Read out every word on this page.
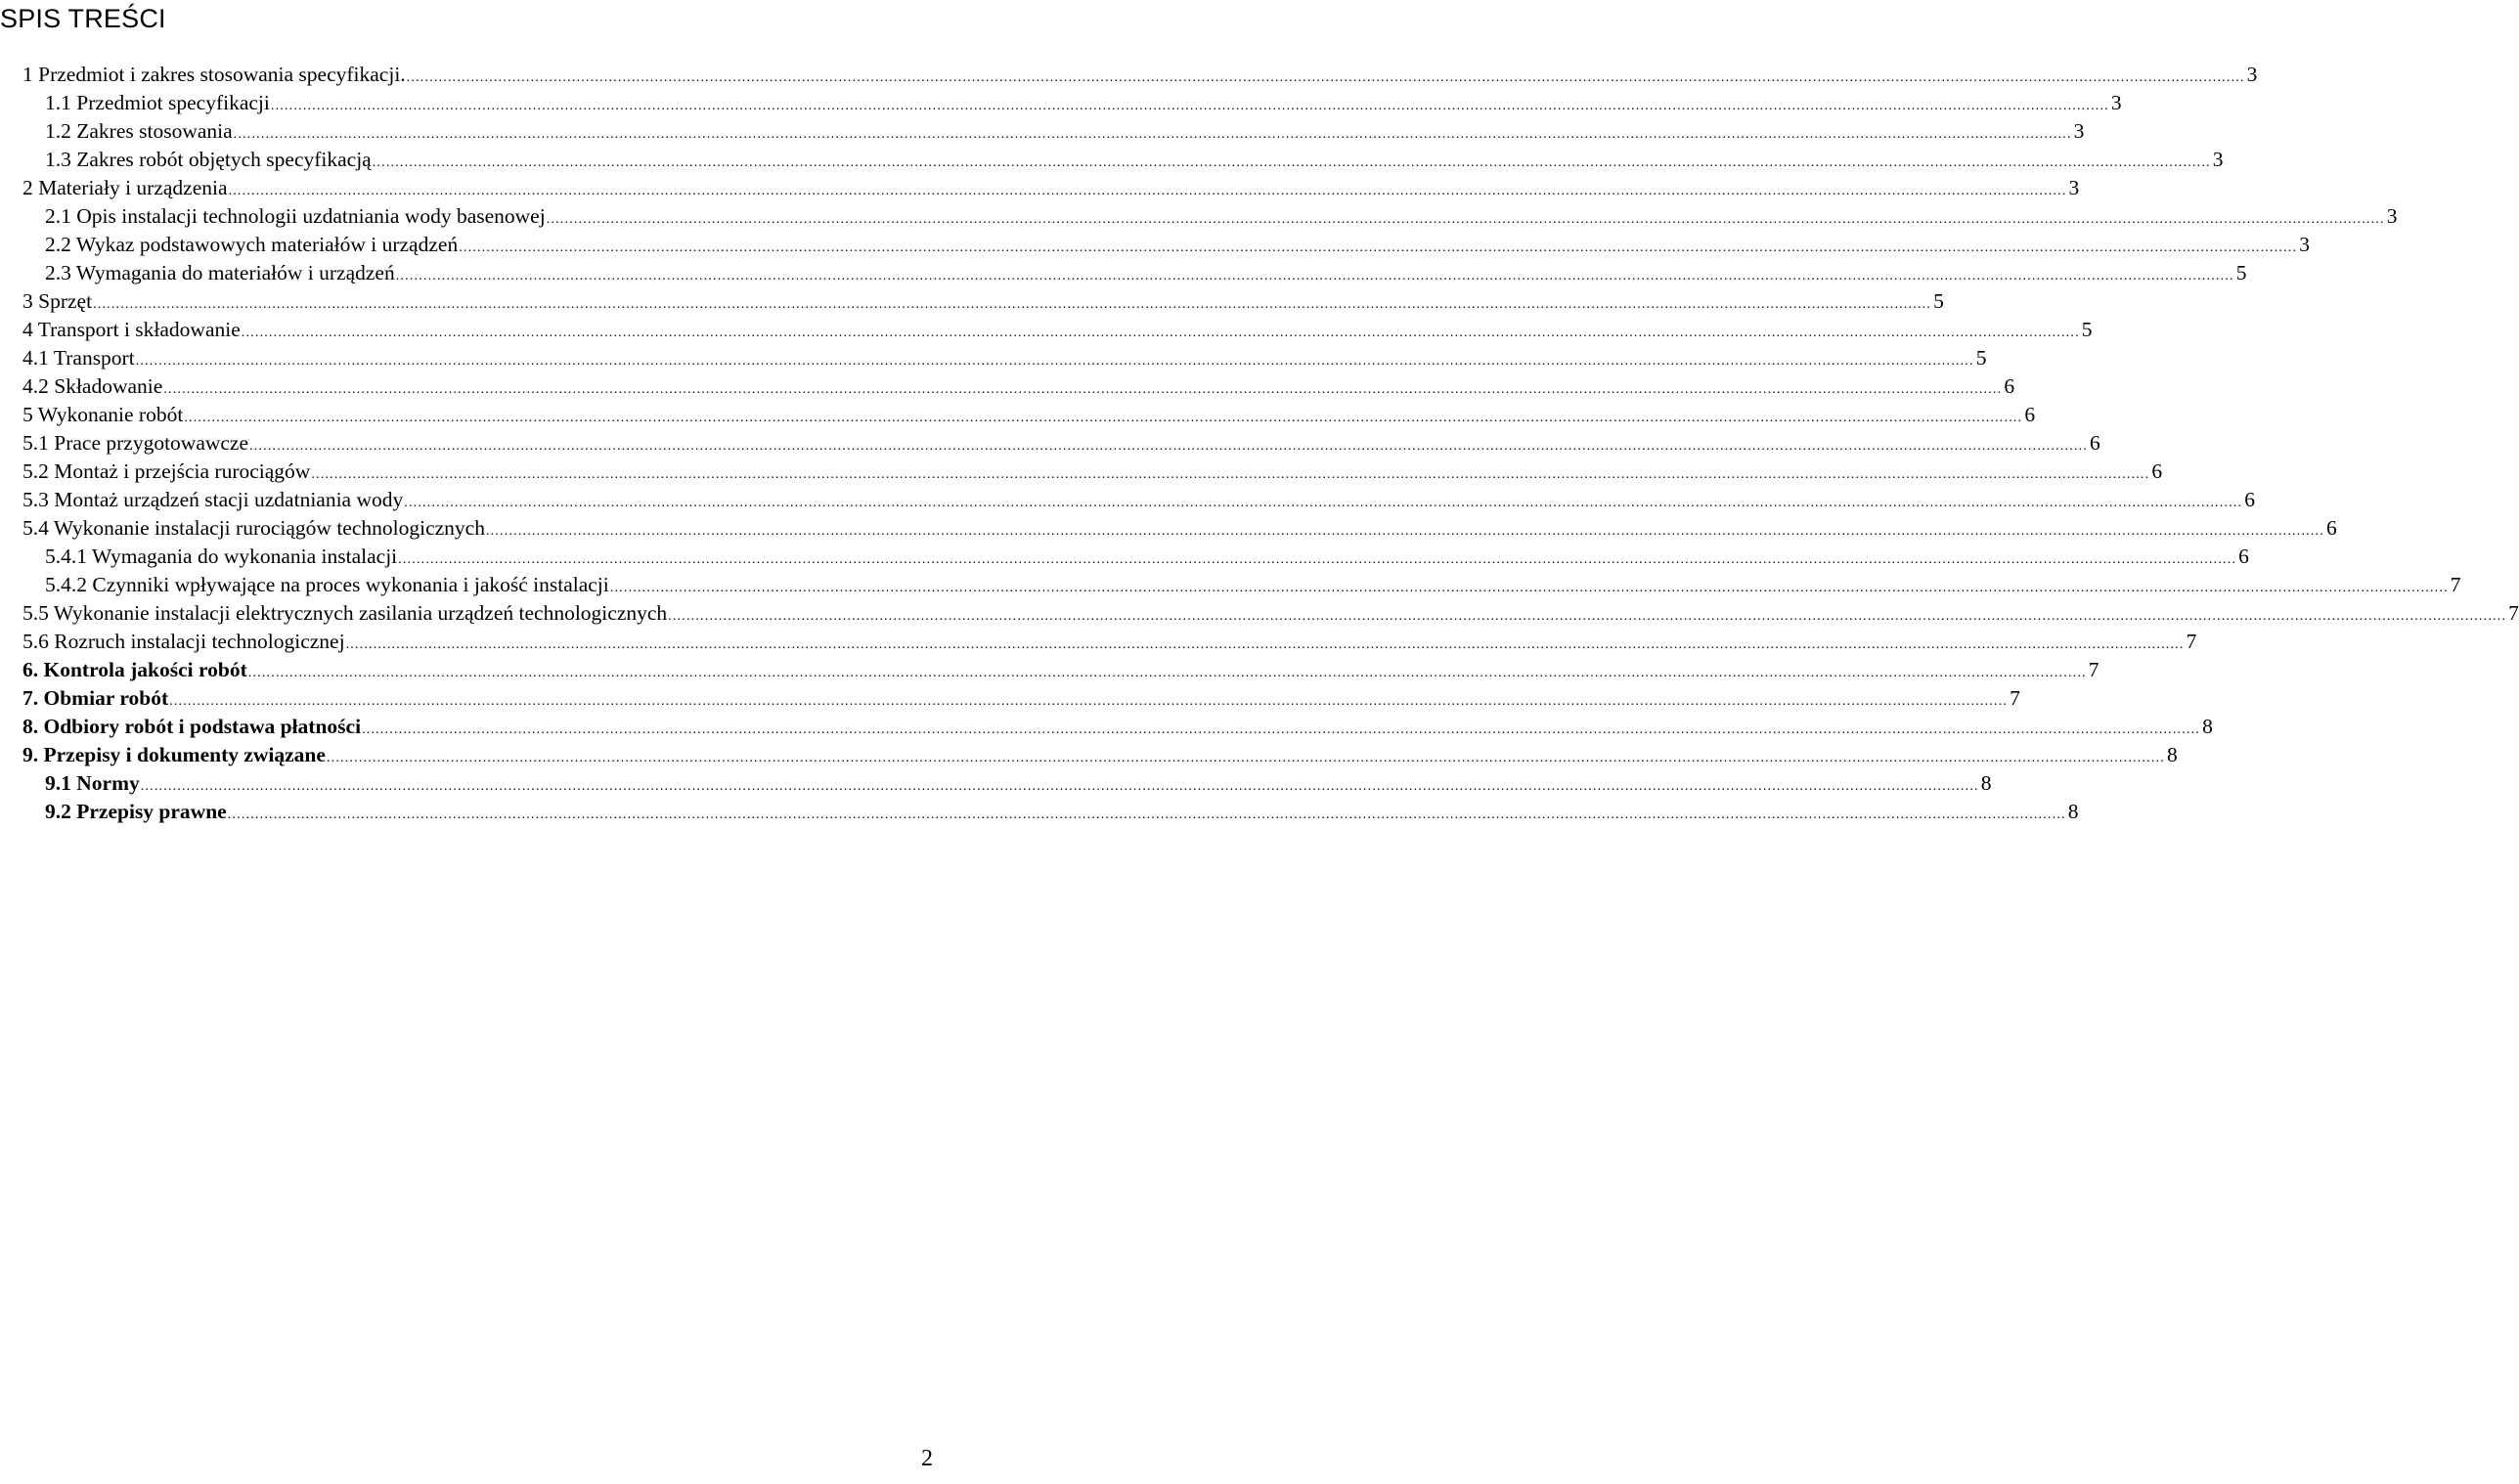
SPIS TREŚCI
1 Przedmiot i zakres stosowania specyfikacji. ................................................................................................................................................................................................................................................................................................................................................................................................................ 3
1.1 Przedmiot specyfikacji ................................................................................................................................................................................................................................................................................................................................................................................................................ 3
1.2 Zakres stosowania ................................................................................................................................................................................................................................................................................................................................................................................................................ 3
1.3 Zakres robót objętych specyfikacją ................................................................................................................................................................................................................................................................................................................................................................................................................ 3
2 Materiały i urządzenia ................................................................................................................................................................................................................................................................................................................................................................................................................ 3
2.1 Opis instalacji technologii uzdatniania wody basenowej ................................................................................................................................................................................................................................................................................................................................................................................................................ 3
2.2 Wykaz podstawowych materiałów i urządzeń ................................................................................................................................................................................................................................................................................................................................................................................................................ 3
2.3 Wymagania do materiałów i urządzeń ................................................................................................................................................................................................................................................................................................................................................................................................................ 5
3 Sprzęt ................................................................................................................................................................................................................................................................................................................................................................................................................ 5
4 Transport i składowanie ................................................................................................................................................................................................................................................................................................................................................................................................................ 5
4.1 Transport ................................................................................................................................................................................................................................................................................................................................................................................................................ 5
4.2 Składowanie ................................................................................................................................................................................................................................................................................................................................................................................................................ 6
5 Wykonanie robót ................................................................................................................................................................................................................................................................................................................................................................................................................ 6
5.1 Prace przygotowawcze ................................................................................................................................................................................................................................................................................................................................................................................................................ 6
5.2 Montaż i przejścia rurociągów ................................................................................................................................................................................................................................................................................................................................................................................................................ 6
5.3 Montaż urządzeń stacji uzdatniania wody ................................................................................................................................................................................................................................................................................................................................................................................................................ 6
5.4 Wykonanie instalacji rurociągów technologicznych ................................................................................................................................................................................................................................................................................................................................................................................................................ 6
5.4.1 Wymagania do wykonania instalacji ................................................................................................................................................................................................................................................................................................................................................................................................................ 6
5.4.2 Czynniki wpływające na proces wykonania i jakość instalacji ................................................................................................................................................................................................................................................................................................................................................................................................................ 7
5.5 Wykonanie instalacji elektrycznych zasilania urządzeń technologicznych ................................................................................................................................................................................................................................................................................................................................................................................................................ 7
5.6 Rozruch instalacji technologicznej ................................................................................................................................................................................................................................................................................................................................................................................................................ 7
6. Kontrola jakości robót ................................................................................................................................................................................................................................................................................................................................................................................................................ 7
7. Obmiar robót ................................................................................................................................................................................................................................................................................................................................................................................................................ 7
8. Odbiory robót i podstawa płatności ................................................................................................................................................................................................................................................................................................................................................................................................................ 8
9. Przepisy i dokumenty związane ................................................................................................................................................................................................................................................................................................................................................................................................................ 8
9.1 Normy ................................................................................................................................................................................................................................................................................................................................................................................................................ 8
9.2 Przepisy prawne ................................................................................................................................................................................................................................................................................................................................................................................................................ 8
2
